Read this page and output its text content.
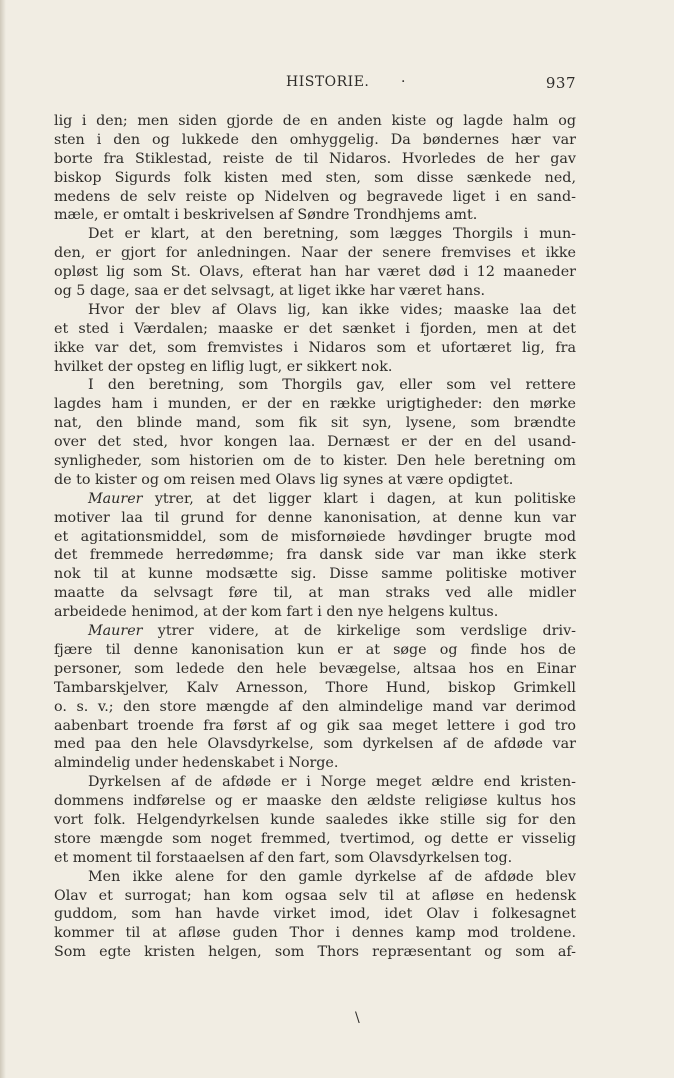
HISTORIE. ·	937
lig i den; men siden gjorde de en anden kiste og lagde halm og
sten i den og lukkede den omhyggelig. Da bøndernes hær var
borte fra Stiklestad, reiste de til Nidaros. Hvorledes de her gav
biskop Sigurds folk kisten med sten, som disse sænkede ned,
medens de selv reiste op Nidelven og begravede liget i en sand-
mæle, er omtalt i beskrivelsen af Søndre Trondhjems amt.
Det er klart, at den beretning, som lægges Thorgils i mun-
den, er gjort for anledningen. Naar der senere fremvises et ikke
opløst lig som St. Olavs, efterat han har været død i 12 maaneder
og 5 dage, saa er det selvsagt, at liget ikke har været hans.
Hvor der blev af Olavs lig, kan ikke vides; maaske laa det
et sted i Værdalen; maaske er det sænket i fjorden, men at det
ikke var det, som fremvistes i Nidaros som et ufortæret lig, fra
hvilket der opsteg en liflig lugt, er sikkert nok.
I den beretning, som Thorgils gav, eller som vel rettere
lagdes ham i munden, er der en række urigtigheder: den mørke
nat, den blinde mand, som fik sit syn, lysene, som brændte
over det sted, hvor kongen laa. Dernæst er der en del usand-
synligheder, som historien om de to kister. Den hele beretning om
de to kister og om reisen med Olavs lig synes at være opdigtet.
Maurer ytrer, at det ligger klart i dagen, at kun politiske
motiver laa til grund for denne kanonisation, at denne kun var
et agitationsmiddel, som de misfornøiede høvdinger brugte mod
det fremmede herredømme; fra dansk side var man ikke sterk
nok til at kunne modsætte sig. Disse samme politiske motiver
maatte da selvsagt føre til, at man straks ved alle midler
arbeidede henimod, at der kom fart i den nye helgens kultus.
Maurer ytrer videre, at de kirkelige som verdslige driv-
fjære til denne kanonisation kun er at søge og finde hos de
personer, som ledede den hele bevægelse, altsaa hos en Einar
Tambarskjelver, Kalv Arnesson, Thore Hund, biskop Grimkell
o. s. v.; den store mængde af den almindelige mand var derimod
aabenbart troende fra først af og gik saa meget lettere i god tro
med paa den hele Olavsdyrkelse, som dyrkelsen af de afdøde var
almindelig under hedenskabet i Norge.
Dyrkelsen af de afdøde er i Norge meget ældre end kristen-
dommens indførelse og er maaske den ældste religiøse kultus hos
vort folk. Helgendyrkelsen kunde saaledes ikke stille sig for den
store mængde som noget fremmed, tvertimod, og dette er visselig
et moment til forstaaelsen af den fart, som Olavsdyrkelsen tog.
Men ikke alene for den gamle dyrkelse af de afdøde blev
Olav et surrogat; han kom ogsaa selv til at afløse en hedensk
guddom, som han havde virket imod, idet Olav i folkesagnet
kommer til at afløse guden Thor i dennes kamp mod troldene.
Som egte kristen helgen, som Thors repræsentant og som af-
\
